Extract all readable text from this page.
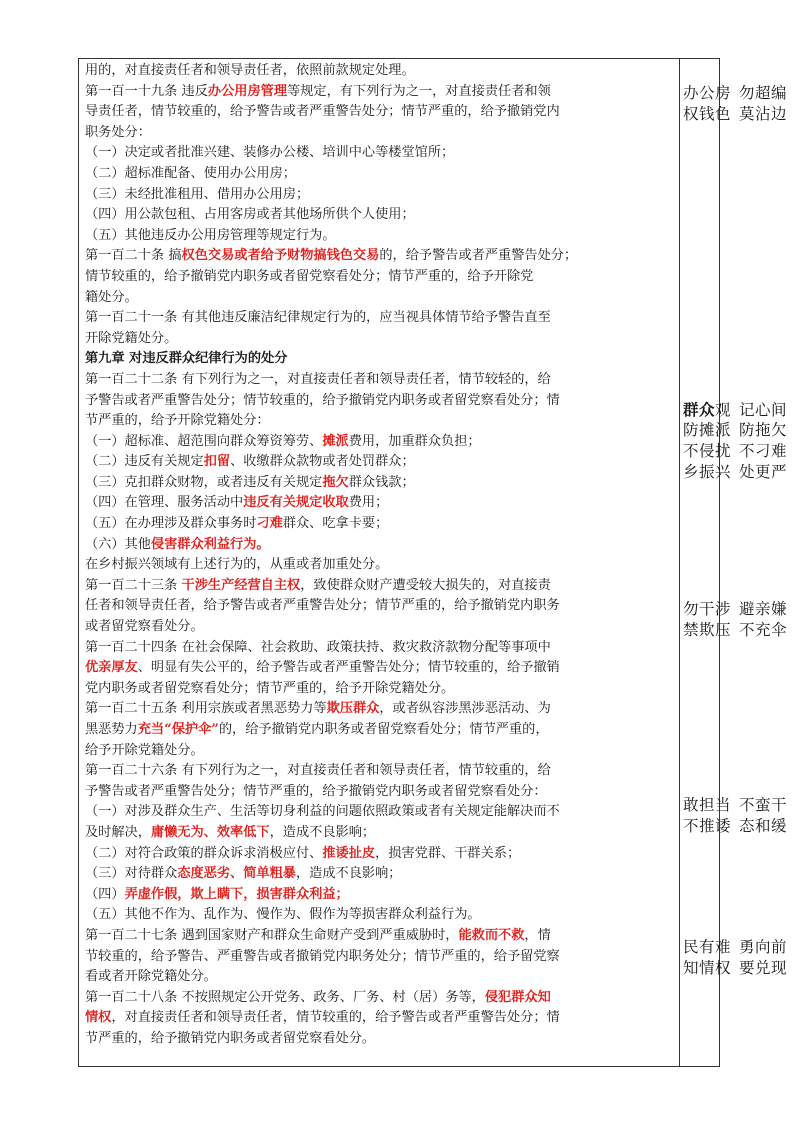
用的，对直接责任者和领导责任者，依照前款规定处理。
第一百一十九条 违反办公用房管理等规定，有下列行为之一，对直接责任者和领
导责任者，情节较重的，给予警告或者严重警告处分；情节严重的，给予撤销党内
职务处分：
（一）决定或者批准兴建、装修办公楼、培训中心等楼堂馆所；
（二）超标准配备、使用办公用房；
（三）未经批准租用、借用办公用房；
（四）用公款包租、占用客房或者其他场所供个人使用；
（五）其他违反办公用房管理等规定行为。
第一百二十条 搞权色交易或者给予财物搞钱色交易的，给予警告或者严重警告处分；
情节较重的，给予撤销党内职务或者留党察看处分；情节严重的，给予开除党
籍处分。
第一百二十一条 有其他违反廉洁纪律规定行为的，应当视具体情节给予警告直至
开除党籍处分。
第九章 对违反群众纪律行为的处分
第一百二十二条 有下列行为之一，对直接责任者和领导责任者，情节较轻的，给
予警告或者严重警告处分；情节较重的，给予撤销党内职务或者留党察看处分；情
节严重的，给予开除党籍处分：
（一）超标准、超范围向群众筹资筹劳、摊派费用，加重群众负担；
（二）违反有关规定扣留、收缴群众款物或者处罚群众；
（三）克扣群众财物，或者违反有关规定拖欠群众钱款；
（四）在管理、服务活动中违反有关规定收取费用；
（五）在办理涉及群众事务时刁难群众、吃拿卡要；
（六）其他侵害群众利益行为。
在乡村振兴领域有上述行为的，从重或者加重处分。
第一百二十三条 干涉生产经营自主权，致使群众财产遭受较大损失的，对直接责
任者和领导责任者，给予警告或者严重警告处分；情节严重的，给予撤销党内职务
或者留党察看处分。
第一百二十四条 在社会保障、社会救助、政策扶持、救灾救济款物分配等事项中
优亲厚友、明显有失公平的，给予警告或者严重警告处分；情节较重的，给予撤销
党内职务或者留党察看处分；情节严重的，给予开除党籍处分。
第一百二十五条 利用宗族或者黑恶势力等欺压群众，或者纵容涉黑涉恶活动、为
黑恶势力充当“保护伞”的，给予撤销党内职务或者留党察看处分；情节严重的，
给予开除党籍处分。
第一百二十六条 有下列行为之一，对直接责任者和领导责任者，情节较重的，给
予警告或者严重警告处分；情节严重的，给予撤销党内职务或者留党察看处分：
（一）对涉及群众生产、生活等切身利益的问题依照政策或者有关规定能解决而不
及时解决，庸懒无为、效率低下，造成不良影响；
（二）对符合政策的群众诉求消极应付、推诿扯皮，损害党群、干群关系；
（三）对待群众态度恶劣、简单粗暴，造成不良影响；
（四）弄虚作假，欺上瞒下，损害群众利益；
（五）其他不作为、乱作为、慢作为、假作为等损害群众利益行为。
第一百二十七条 遇到国家财产和群众生命财产受到严重威胁时，能救而不救，情
节较重的，给予警告、严重警告或者撤销党内职务处分；情节严重的，给予留党察
看或者开除党籍处分。
第一百二十八条 不按照规定公开党务、政务、厂务、村（居）务等，侵犯群众知
情权，对直接责任者和领导责任者，情节较重的，给予警告或者严重警告处分；情
节严重的，给予撤销党内职务或者留党察看处分。
办公房 勿超编
权钱色 莫沾边
群众观 记心间
防摊派 防拖欠
不侵扰 不刁难
乡振兴 处更严
勿干涉 避亲嫌
禁欺压 不充伞
敢担当 不蛮干
不推诿 态和缓
民有难 勇向前
知情权 要兑现
